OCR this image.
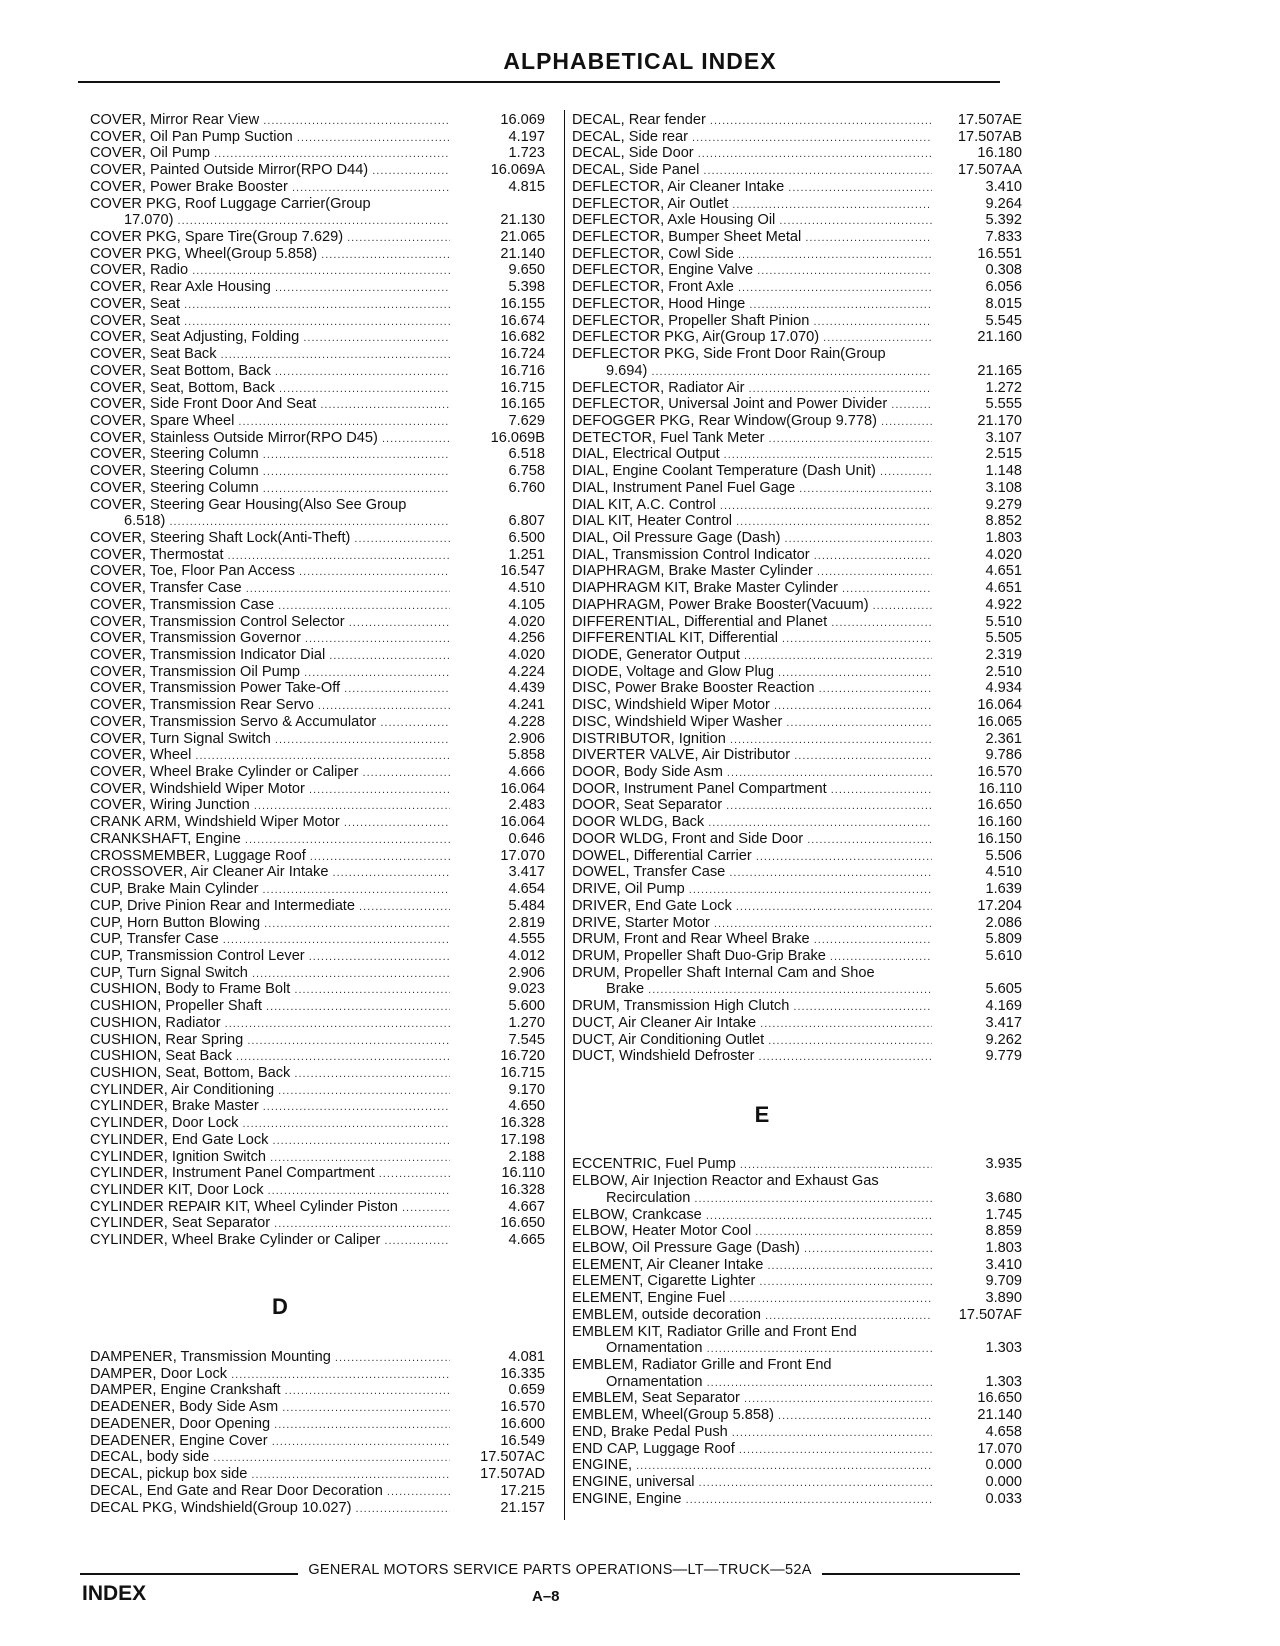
ALPHABETICAL INDEX
COVER, Mirror Rear View .....	16.069
COVER, Oil Pan Pump Suction .....	4.197
COVER, Oil Pump .....	1.723
COVER, Painted Outside Mirror(RPO D44) .....	16.069A
COVER, Power Brake Booster .....	4.815
COVER PKG, Roof Luggage Carrier(Group
17.070) .....	21.130
COVER PKG, Spare Tire(Group 7.629) .....	21.065
COVER PKG, Wheel(Group 5.858) .....	21.140
COVER, Radio .....	9.650
COVER, Rear Axle Housing .....	5.398
COVER, Seat .....	16.155
COVER, Seat .....	16.674
COVER, Seat Adjusting, Folding .....	16.682
COVER, Seat Back .....	16.724
COVER, Seat Bottom, Back .....	16.716
COVER, Seat, Bottom, Back .....	16.715
COVER, Side Front Door And Seat .....	16.165
COVER, Spare Wheel .....	7.629
COVER, Stainless Outside Mirror(RPO D45) .....	16.069B
COVER, Steering Column .....	6.518
COVER, Steering Column .....	6.758
COVER, Steering Column .....	6.760
COVER, Steering Gear Housing(Also See Group
6.518) .....	6.807
COVER, Steering Shaft Lock(Anti-Theft) .....	6.500
COVER, Thermostat .....	1.251
COVER, Toe, Floor Pan Access .....	16.547
COVER, Transfer Case .....	4.510
COVER, Transmission Case .....	4.105
COVER, Transmission Control Selector .....	4.020
COVER, Transmission Governor .....	4.256
COVER, Transmission Indicator Dial .....	4.020
COVER, Transmission Oil Pump .....	4.224
COVER, Transmission Power Take-Off .....	4.439
COVER, Transmission Rear Servo .....	4.241
COVER, Transmission Servo & Accumulator .....	4.228
COVER, Turn Signal Switch .....	2.906
COVER, Wheel .....	5.858
COVER, Wheel Brake Cylinder or Caliper .....	4.666
COVER, Windshield Wiper Motor .....	16.064
COVER, Wiring Junction .....	2.483
CRANK ARM, Windshield Wiper Motor .....	16.064
CRANKSHAFT, Engine .....	0.646
CROSSMEMBER, Luggage Roof .....	17.070
CROSSOVER, Air Cleaner Air Intake .....	3.417
CUP, Brake Main Cylinder .....	4.654
CUP, Drive Pinion Rear and Intermediate .....	5.484
CUP, Horn Button Blowing .....	2.819
CUP, Transfer Case .....	4.555
CUP, Transmission Control Lever .....	4.012
CUP, Turn Signal Switch .....	2.906
CUSHION, Body to Frame Bolt .....	9.023
CUSHION, Propeller Shaft .....	5.600
CUSHION, Radiator .....	1.270
CUSHION, Rear Spring .....	7.545
CUSHION, Seat Back .....	16.720
CUSHION, Seat, Bottom, Back .....	16.715
CYLINDER, Air Conditioning .....	9.170
CYLINDER, Brake Master .....	4.650
CYLINDER, Door Lock .....	16.328
CYLINDER, End Gate Lock .....	17.198
CYLINDER, Ignition Switch .....	2.188
CYLINDER, Instrument Panel Compartment .....	16.110
CYLINDER KIT, Door Lock .....	16.328
CYLINDER REPAIR KIT, Wheel Cylinder Piston .....	4.667
CYLINDER, Seat Separator .....	16.650
CYLINDER, Wheel Brake Cylinder or Caliper .....	4.665
D
DAMPENER, Transmission Mounting .....	4.081
DAMPER, Door Lock .....	16.335
DAMPER, Engine Crankshaft .....	0.659
DEADENER, Body Side Asm .....	16.570
DEADENER, Door Opening .....	16.600
DEADENER, Engine Cover .....	16.549
DECAL, body side .....	17.507AC
DECAL, pickup box side .....	17.507AD
DECAL, End Gate and Rear Door Decoration .....	17.215
DECAL PKG, Windshield(Group 10.027) .....	21.157
DECAL, Rear fender .....	17.507AE
DECAL, Side rear .....	17.507AB
DECAL, Side Door .....	16.180
DECAL, Side Panel .....	17.507AA
DEFLECTOR, Air Cleaner Intake .....	3.410
DEFLECTOR, Air Outlet .....	9.264
DEFLECTOR, Axle Housing Oil .....	5.392
DEFLECTOR, Bumper Sheet Metal .....	7.833
DEFLECTOR, Cowl Side .....	16.551
DEFLECTOR, Engine Valve .....	0.308
DEFLECTOR, Front Axle .....	6.056
DEFLECTOR, Hood Hinge .....	8.015
DEFLECTOR, Propeller Shaft Pinion .....	5.545
DEFLECTOR PKG, Air(Group 17.070) .....	21.160
DEFLECTOR PKG, Side Front Door Rain(Group
9.694) .....	21.165
DEFLECTOR, Radiator Air .....	1.272
DEFLECTOR, Universal Joint and Power Divider .....	5.555
DEFOGGER PKG, Rear Window(Group 9.778) .....	21.170
DETECTOR, Fuel Tank Meter .....	3.107
DIAL, Electrical Output .....	2.515
DIAL, Engine Coolant Temperature (Dash Unit) .....	1.148
DIAL, Instrument Panel Fuel Gage .....	3.108
DIAL KIT, A.C. Control .....	9.279
DIAL KIT, Heater Control .....	8.852
DIAL, Oil Pressure Gage (Dash) .....	1.803
DIAL, Transmission Control Indicator .....	4.020
DIAPHRAGM, Brake Master Cylinder .....	4.651
DIAPHRAGM KIT, Brake Master Cylinder .....	4.651
DIAPHRAGM, Power Brake Booster(Vacuum) .....	4.922
DIFFERENTIAL, Differential and Planet .....	5.510
DIFFERENTIAL KIT, Differential .....	5.505
DIODE, Generator Output .....	2.319
DIODE, Voltage and Glow Plug .....	2.510
DISC, Power Brake Booster Reaction .....	4.934
DISC, Windshield Wiper Motor .....	16.064
DISC, Windshield Wiper Washer .....	16.065
DISTRIBUTOR, Ignition .....	2.361
DIVERTER VALVE, Air Distributor .....	9.786
DOOR, Body Side Asm .....	16.570
DOOR, Instrument Panel Compartment .....	16.110
DOOR, Seat Separator .....	16.650
DOOR WLDG, Back .....	16.160
DOOR WLDG, Front and Side Door .....	16.150
DOWEL, Differential Carrier .....	5.506
DOWEL, Transfer Case .....	4.510
DRIVE, Oil Pump .....	1.639
DRIVER, End Gate Lock .....	17.204
DRIVE, Starter Motor .....	2.086
DRUM, Front and Rear Wheel Brake .....	5.809
DRUM, Propeller Shaft Duo-Grip Brake .....	5.610
DRUM, Propeller Shaft Internal Cam and Shoe
Brake .....	5.605
DRUM, Transmission High Clutch .....	4.169
DUCT, Air Cleaner Air Intake .....	3.417
DUCT, Air Conditioning Outlet .....	9.262
DUCT, Windshield Defroster .....	9.779
E
ECCENTRIC, Fuel Pump .....	3.935
ELBOW, Air Injection Reactor and Exhaust Gas
Recirculation .....	3.680
ELBOW, Crankcase .....	1.745
ELBOW, Heater Motor Cool .....	8.859
ELBOW, Oil Pressure Gage (Dash) .....	1.803
ELEMENT, Air Cleaner Intake .....	3.410
ELEMENT, Cigarette Lighter .....	9.709
ELEMENT, Engine Fuel .....	3.890
EMBLEM, outside decoration .....	17.507AF
EMBLEM KIT, Radiator Grille and Front End
Ornamentation .....	1.303
EMBLEM, Radiator Grille and Front End
Ornamentation .....	1.303
EMBLEM, Seat Separator .....	16.650
EMBLEM, Wheel(Group 5.858) .....	21.140
END, Brake Pedal Push .....	4.658
END CAP, Luggage Roof .....	17.070
ENGINE, .....	0.000
ENGINE, universal .....	0.000
ENGINE, Engine .....	0.033
GENERAL MOTORS SERVICE PARTS OPERATIONS—LT—TRUCK—52A
INDEX	A–8
